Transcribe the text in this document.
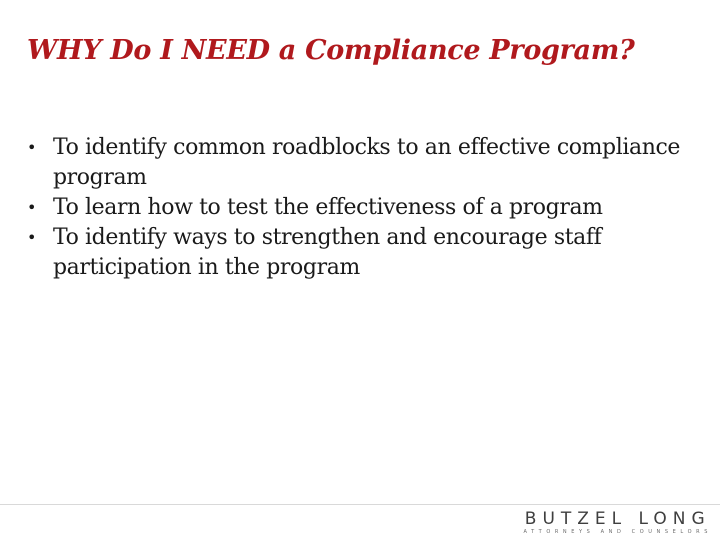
WHY Do I NEED a Compliance Program?
• To identify common roadblocks to an effective compliance program
• To learn how to test the effectiveness of a program
• To identify ways to strengthen and encourage staff participation in the program
BUTZEL LONG
ATTORNEYS AND COUNSELORS
